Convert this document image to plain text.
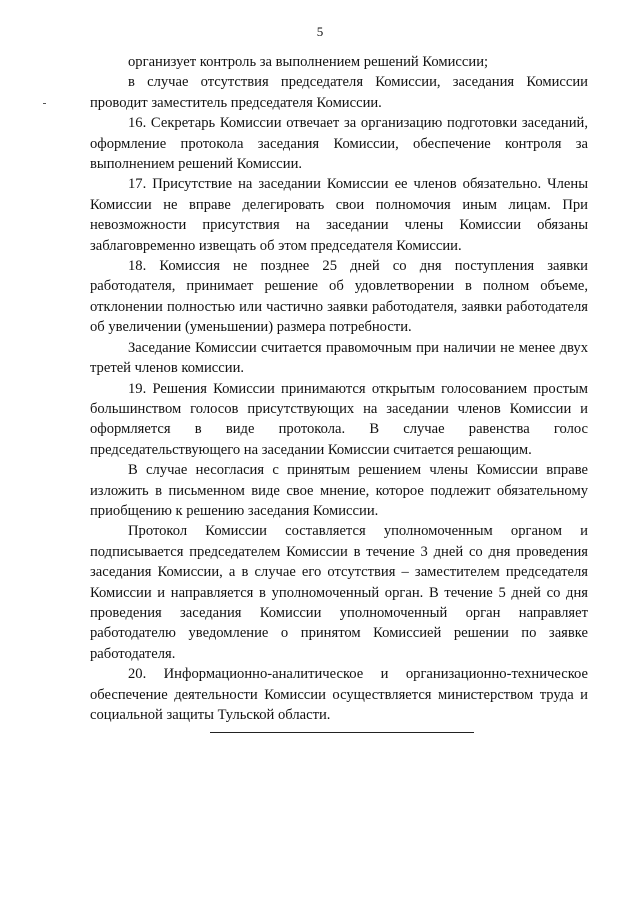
5

организует контроль за выполнением решений Комиссии;

в случае отсутствия председателя Комиссии, заседания Комиссии проводит заместитель председателя Комиссии.

16. Секретарь Комиссии отвечает за организацию подготовки заседаний, оформление протокола заседания Комиссии, обеспечение контроля за выполнением решений Комиссии.

17. Присутствие на заседании Комиссии ее членов обязательно. Члены Комиссии не вправе делегировать свои полномочия иным лицам. При невозможности присутствия на заседании члены Комиссии обязаны заблаговременно извещать об этом председателя Комиссии.

18. Комиссия не позднее 25 дней со дня поступления заявки работодателя, принимает решение об удовлетворении в полном объеме, отклонении полностью или частично заявки работодателя, заявки работодателя об увеличении (уменьшении) размера потребности.

Заседание Комиссии считается правомочным при наличии не менее двух третей членов комиссии.

19. Решения Комиссии принимаются открытым голосованием простым большинством голосов присутствующих на заседании членов Комиссии и оформляется в виде протокола. В случае равенства голос председательствующего на заседании Комиссии считается решающим.

В случае несогласия с принятым решением члены Комиссии вправе изложить в письменном виде свое мнение, которое подлежит обязательному приобщению к решению заседания Комиссии.

Протокол Комиссии составляется уполномоченным органом и подписывается председателем Комиссии в течение 3 дней со дня проведения заседания Комиссии, а в случае его отсутствия – заместителем председателя Комиссии и направляется в уполномоченный орган. В течение 5 дней со дня проведения заседания Комиссии уполномоченный орган направляет работодателю уведомление о принятом Комиссией решении по заявке работодателя.

20. Информационно-аналитическое и организационно-техническое обеспечение деятельности Комиссии осуществляется министерством труда и социальной защиты Тульской области.
